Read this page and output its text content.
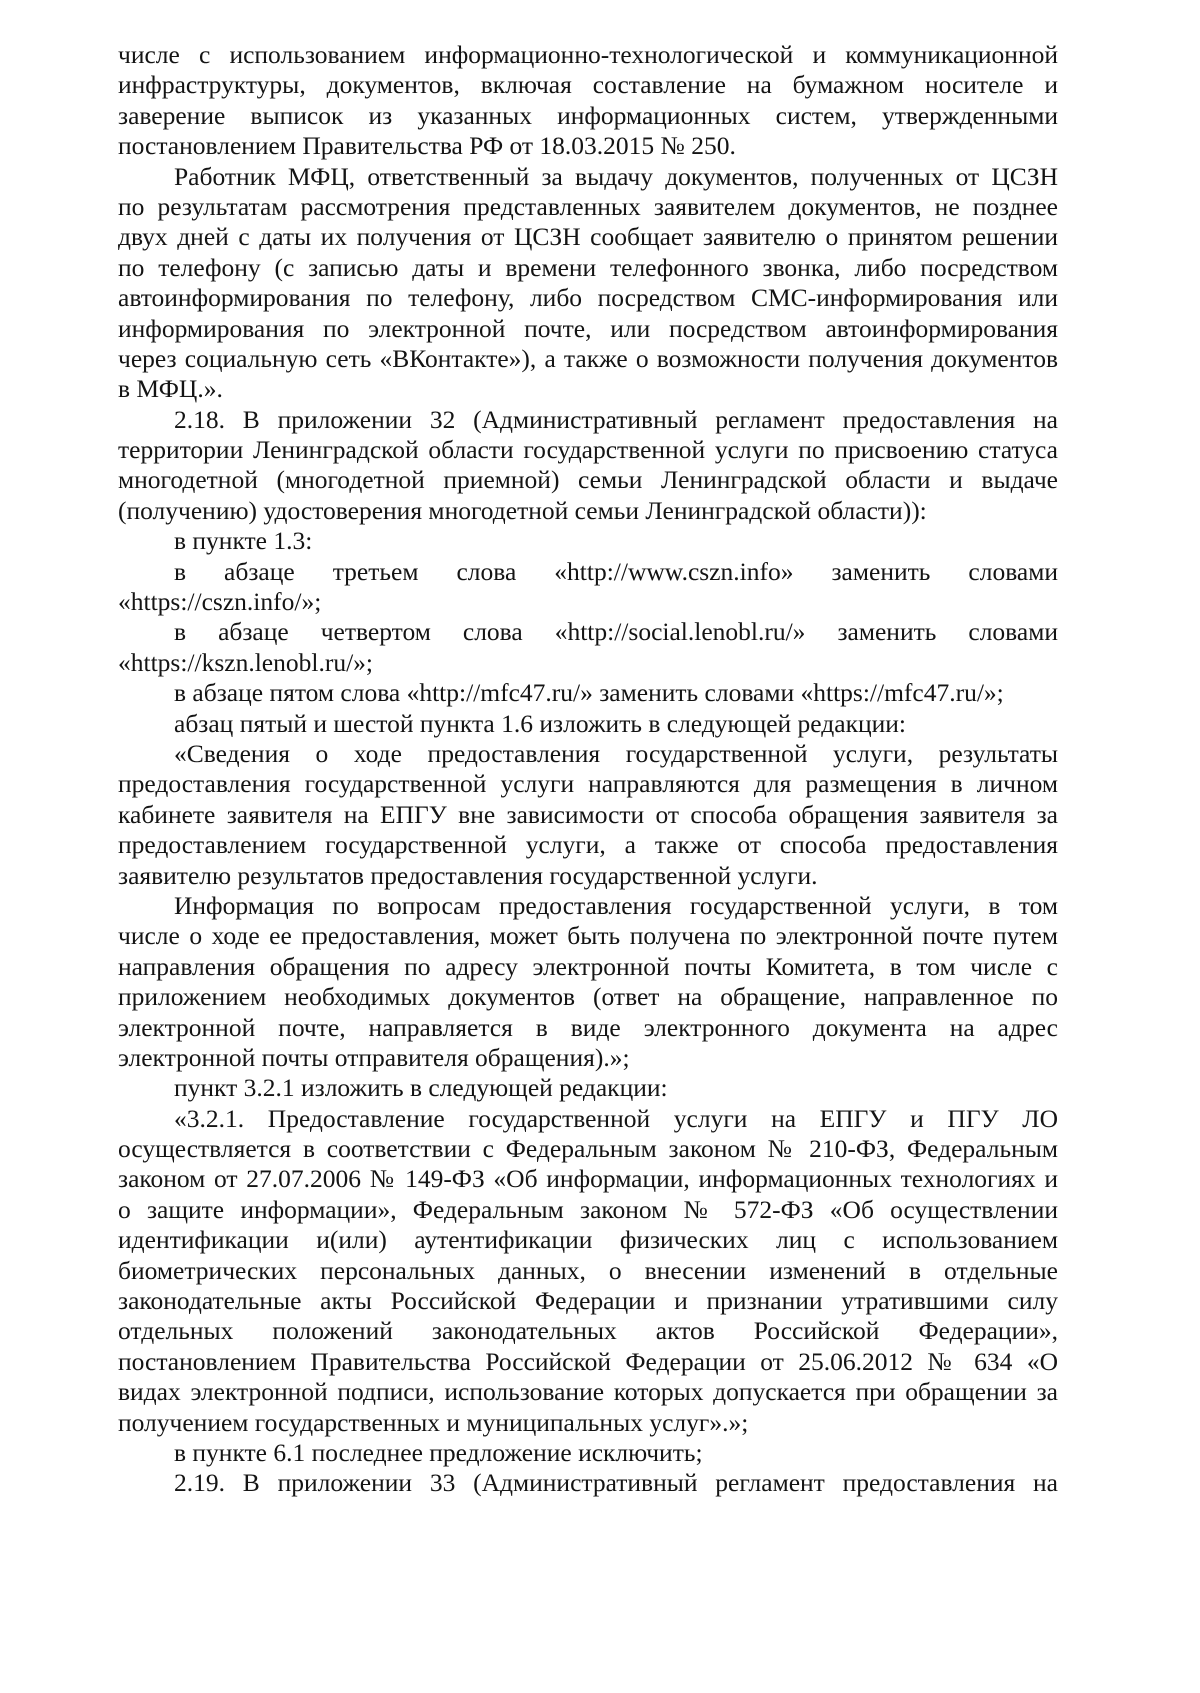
числе с использованием информационно-технологической и коммуникационной
инфраструктуры, документов, включая составление на бумажном носителе и
заверение выписок из указанных информационных систем, утвержденными
постановлением Правительства РФ от 18.03.2015 № 250.
Работник МФЦ, ответственный за выдачу документов, полученных от ЦСЗН
по результатам рассмотрения представленных заявителем документов, не позднее
двух дней с даты их получения от ЦСЗН сообщает заявителю о принятом решении
по телефону (с записью даты и времени телефонного звонка, либо посредством
автоинформирования по телефону, либо посредством СМС-информирования или
информирования по электронной почте, или посредством автоинформирования
через социальную сеть «ВКонтакте»), а также о возможности получения документов
в МФЦ.».
2.18. В приложении 32 (Административный регламент предоставления на
территории Ленинградской области государственной услуги по присвоению статуса
многодетной (многодетной приемной) семьи Ленинградской области и выдаче
(получению) удостоверения многодетной семьи Ленинградской области)):
в пункте 1.3:
в абзаце третьем слова «http://www.cszn.info» заменить словами
«https://cszn.info/»;
в абзаце четвертом слова «http://social.lenobl.ru/» заменить словами
«https://kszn.lenobl.ru/»;
в абзаце пятом слова «http://mfc47.ru/» заменить словами «https://mfc47.ru/»;
абзац пятый и шестой пункта 1.6 изложить в следующей редакции:
«Сведения о ходе предоставления государственной услуги, результаты
предоставления государственной услуги направляются для размещения в личном
кабинете заявителя на ЕПГУ вне зависимости от способа обращения заявителя за
предоставлением государственной услуги, а также от способа предоставления
заявителю результатов предоставления государственной услуги.
Информация по вопросам предоставления государственной услуги, в том
числе о ходе ее предоставления, может быть получена по электронной почте путем
направления обращения по адресу электронной почты Комитета, в том числе с
приложением необходимых документов (ответ на обращение, направленное по
электронной почте, направляется в виде электронного документа на адрес
электронной почты отправителя обращения).»;
пункт 3.2.1 изложить в следующей редакции:
«3.2.1. Предоставление государственной услуги на ЕПГУ и ПГУ ЛО
осуществляется в соответствии с Федеральным законом № 210-ФЗ, Федеральным
законом от 27.07.2006 № 149-ФЗ «Об информации, информационных технологиях и
о защите информации», Федеральным законом № 572-ФЗ «Об осуществлении
идентификации и(или) аутентификации физических лиц с использованием
биометрических персональных данных, о внесении изменений в отдельные
законодательные акты Российской Федерации и признании утратившими силу
отдельных положений законодательных актов Российской Федерации»,
постановлением Правительства Российской Федерации от 25.06.2012 № 634 «О
видах электронной подписи, использование которых допускается при обращении за
получением государственных и муниципальных услуг».»;
в пункте 6.1 последнее предложение исключить;
2.19. В приложении 33 (Административный регламент предоставления на
